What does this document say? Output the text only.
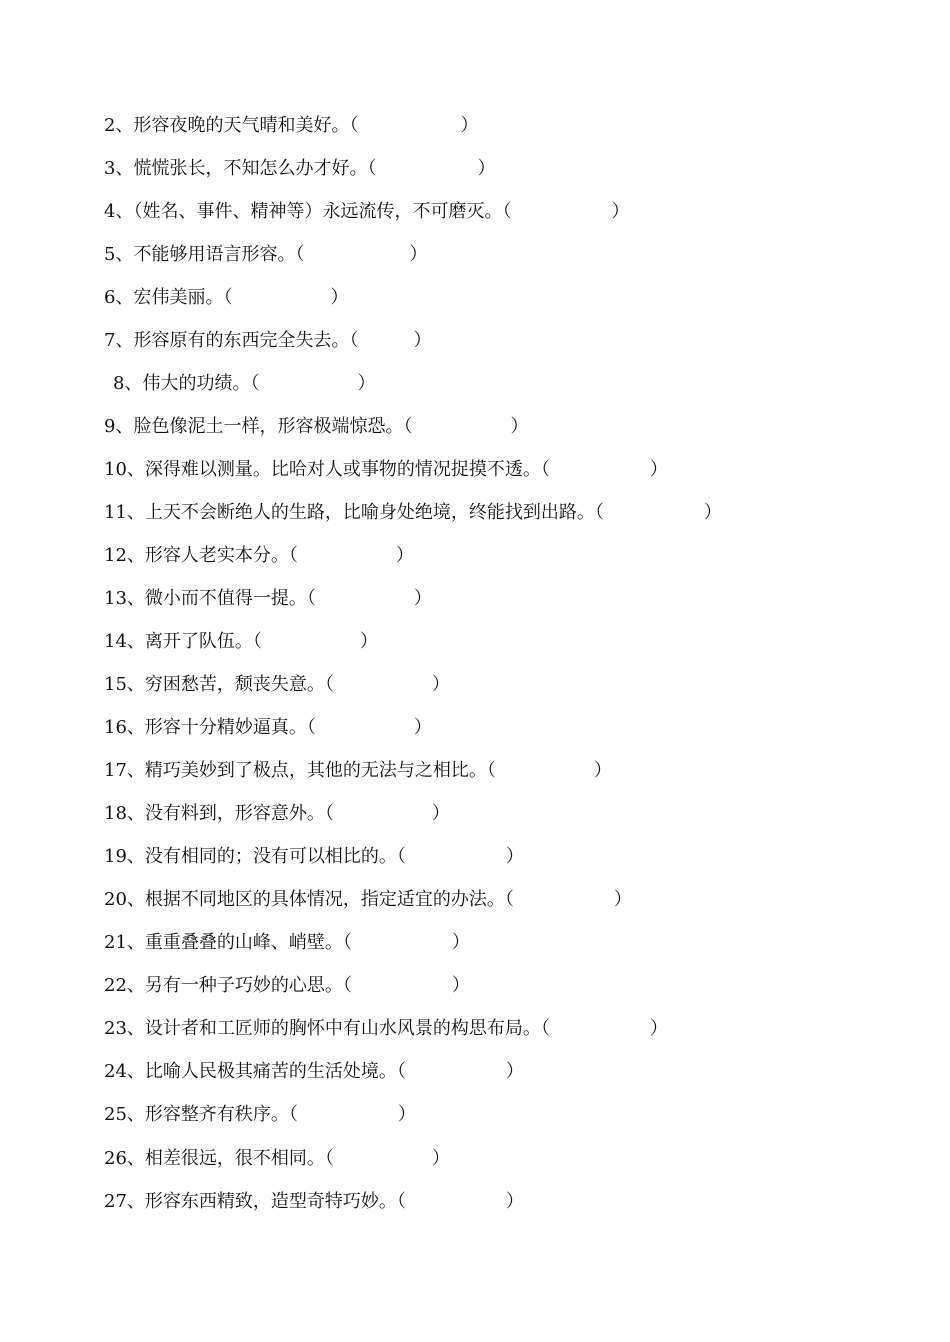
2、形容夜晚的天气晴和美好。（	）
3、慌慌张长，不知怎么办才好。（	）
4、（姓名、事件、精神等）永远流传，不可磨灭。（	）
5、不能够用语言形容。（	）
6、宏伟美丽。（	）
7、形容原有的东西完全失去。（	）
8、伟大的功绩。（	）
9、脸色像泥土一样，形容极端惊恐。（	）
10、深得难以测量。比哈对人或事物的情况捉摸不透。（	）
11、上天不会断绝人的生路，比喻身处绝境，终能找到出路。（	）
12、形容人老实本分。（	）
13、微小而不值得一提。（	）
14、离开了队伍。（	）
15、穷困愁苦，颓丧失意。（	）
16、形容十分精妙逼真。（	）
17、精巧美妙到了极点，其他的无法与之相比。（	）
18、没有料到，形容意外。（	）
19、没有相同的；没有可以相比的。（	）
20、根据不同地区的具体情况，指定适宜的办法。（	）
21、重重叠叠的山峰、峭壁。（	）
22、另有一种子巧妙的心思。（	）
23、设计者和工匠师的胸怀中有山水风景的构思布局。（	）
24、比喻人民极其痛苦的生活处境。（	）
25、形容整齐有秩序。（	）
26、相差很远，很不相同。（	）
27、形容东西精致，造型奇特巧妙。（	）
